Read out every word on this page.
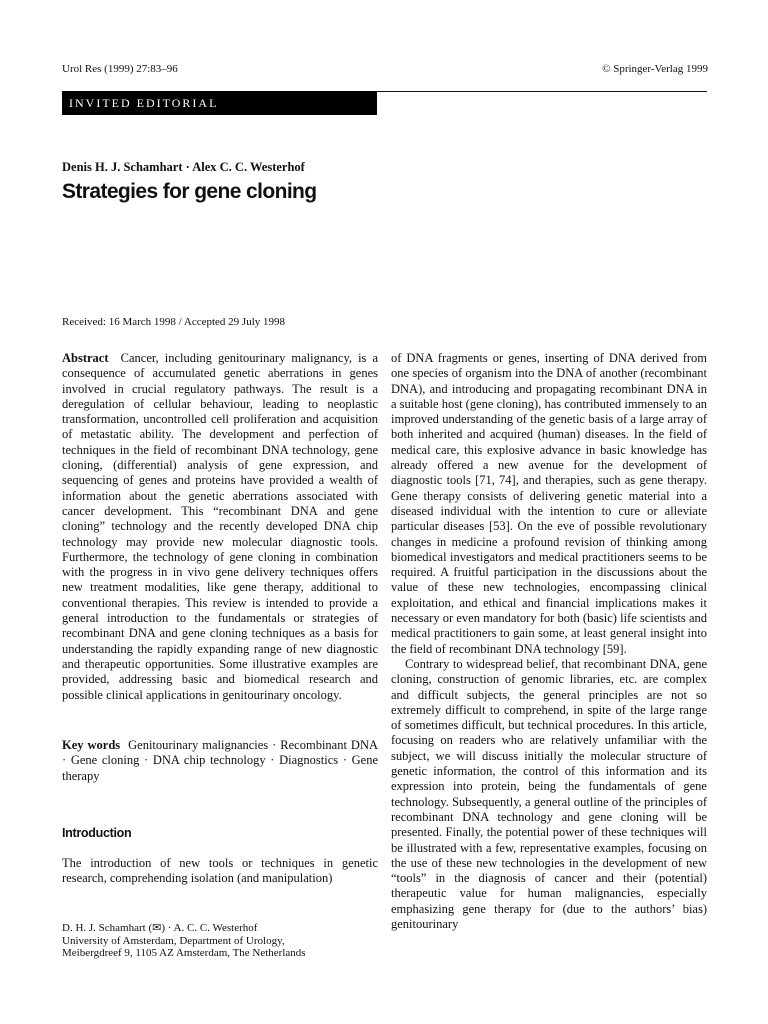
Urol Res (1999) 27:83–96	© Springer-Verlag 1999
INVITED EDITORIAL
Denis H. J. Schamhart · Alex C. C. Westerhof
Strategies for gene cloning
Received: 16 March 1998 / Accepted 29 July 1998
Abstract Cancer, including genitourinary malignancy, is a consequence of accumulated genetic aberrations in genes involved in crucial regulatory pathways. The result is a deregulation of cellular behaviour, leading to neoplastic transformation, uncontrolled cell proliferation and acquisition of metastatic ability. The development and perfection of techniques in the field of recombinant DNA technology, gene cloning, (differential) analysis of gene expression, and sequencing of genes and proteins have provided a wealth of information about the genetic aberrations associated with cancer development. This “recombinant DNA and gene cloning” technology and the recently developed DNA chip technology may provide new molecular diagnostic tools. Furthermore, the technology of gene cloning in combination with the progress in in vivo gene delivery techniques offers new treatment modalities, like gene therapy, additional to conventional therapies. This review is intended to provide a general introduction to the fundamentals or strategies of recombinant DNA and gene cloning techniques as a basis for understanding the rapidly expanding range of new diagnostic and therapeutic opportunities. Some illustrative examples are provided, addressing basic and biomedical research and possible clinical applications in genitourinary oncology.
Key words Genitourinary malignancies · Recombinant DNA · Gene cloning · DNA chip technology · Diagnostics · Gene therapy
Introduction
The introduction of new tools or techniques in genetic research, comprehending isolation (and manipulation)
D. H. J. Schamhart (✉) · A. C. C. Westerhof
University of Amsterdam, Department of Urology,
Meibergdreef 9, 1105 AZ Amsterdam, The Netherlands
of DNA fragments or genes, inserting of DNA derived from one species of organism into the DNA of another (recombinant DNA), and introducing and propagating recombinant DNA in a suitable host (gene cloning), has contributed immensely to an improved understanding of the genetic basis of a large array of both inherited and acquired (human) diseases. In the field of medical care, this explosive advance in basic knowledge has already offered a new avenue for the development of diagnostic tools [71, 74], and therapies, such as gene therapy. Gene therapy consists of delivering genetic material into a diseased individual with the intention to cure or alleviate particular diseases [53]. On the eve of possible revolutionary changes in medicine a profound revision of thinking among biomedical investigators and medical practitioners seems to be required. A fruitful participation in the discussions about the value of these new technologies, encompassing clinical exploitation, and ethical and financial implications makes it necessary or even mandatory for both (basic) life scientists and medical practitioners to gain some, at least general insight into the field of recombinant DNA technology [59].
Contrary to widespread belief, that recombinant DNA, gene cloning, construction of genomic libraries, etc. are complex and difficult subjects, the general principles are not so extremely difficult to comprehend, in spite of the large range of sometimes difficult, but technical procedures. In this article, focusing on readers who are relatively unfamiliar with the subject, we will discuss initially the molecular structure of genetic information, the control of this information and its expression into protein, being the fundamentals of gene technology. Subsequently, a general outline of the principles of recombinant DNA technology and gene cloning will be presented. Finally, the potential power of these techniques will be illustrated with a few, representative examples, focusing on the use of these new technologies in the development of new “tools” in the diagnosis of cancer and their (potential) therapeutic value for human malignancies, especially emphasizing gene therapy for (due to the authors’ bias) genitourinary
